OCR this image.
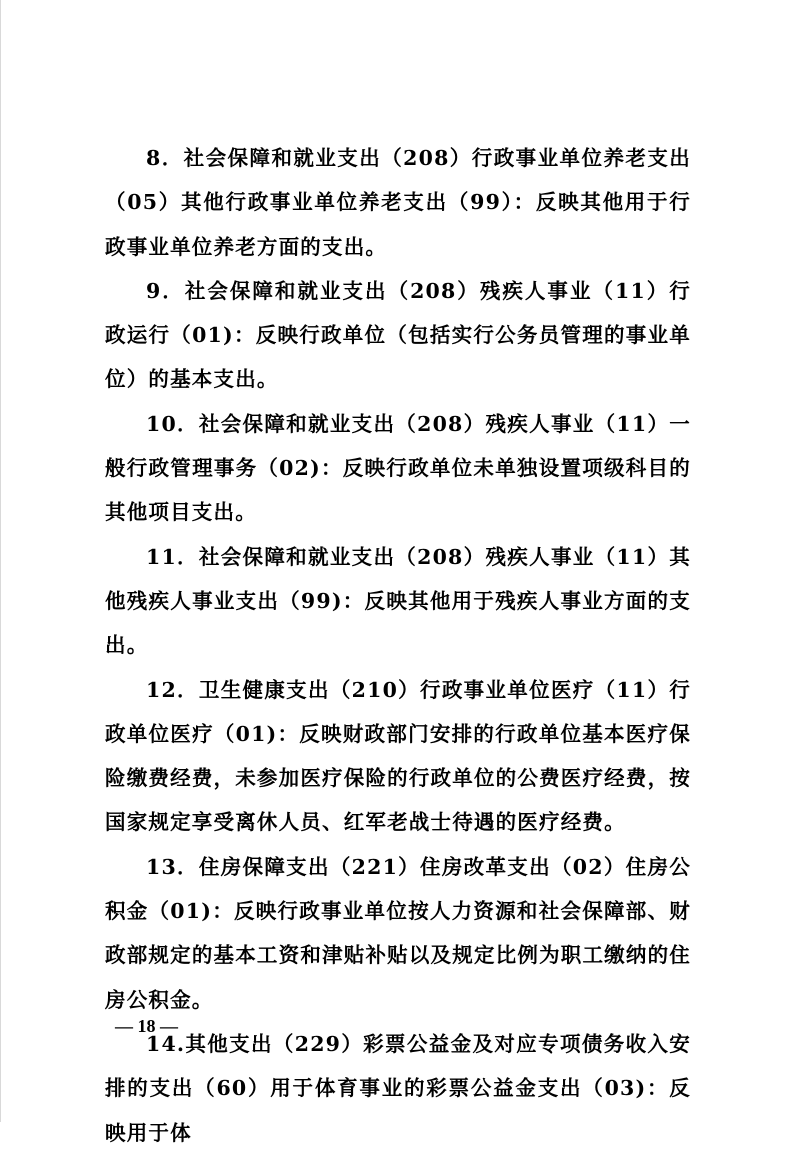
8．社会保障和就业支出（208）行政事业单位养老支出（05）其他行政事业单位养老支出（99）：反映其他用于行政事业单位养老方面的支出。

9．社会保障和就业支出（208）残疾人事业（11）行政运行（01)：反映行政单位（包括实行公务员管理的事业单位）的基本支出。

10．社会保障和就业支出（208）残疾人事业（11）一般行政管理事务（02)：反映行政单位未单独设置项级科目的其他项目支出。

11．社会保障和就业支出（208）残疾人事业（11）其他残疾人事业支出（99)：反映其他用于残疾人事业方面的支出。

12．卫生健康支出（210）行政事业单位医疗（11）行政单位医疗（01)：反映财政部门安排的行政单位基本医疗保险缴费经费，未参加医疗保险的行政单位的公费医疗经费，按国家规定享受离休人员、红军老战士待遇的医疗经费。

13．住房保障支出（221）住房改革支出（02）住房公积金（01)：反映行政事业单位按人力资源和社会保障部、财政部规定的基本工资和津贴补贴以及规定比例为职工缴纳的住房公积金。

14.其他支出（229）彩票公益金及对应专项债务收入安排的支出（60）用于体育事业的彩票公益金支出（03)：反映用于体

— 18 —
